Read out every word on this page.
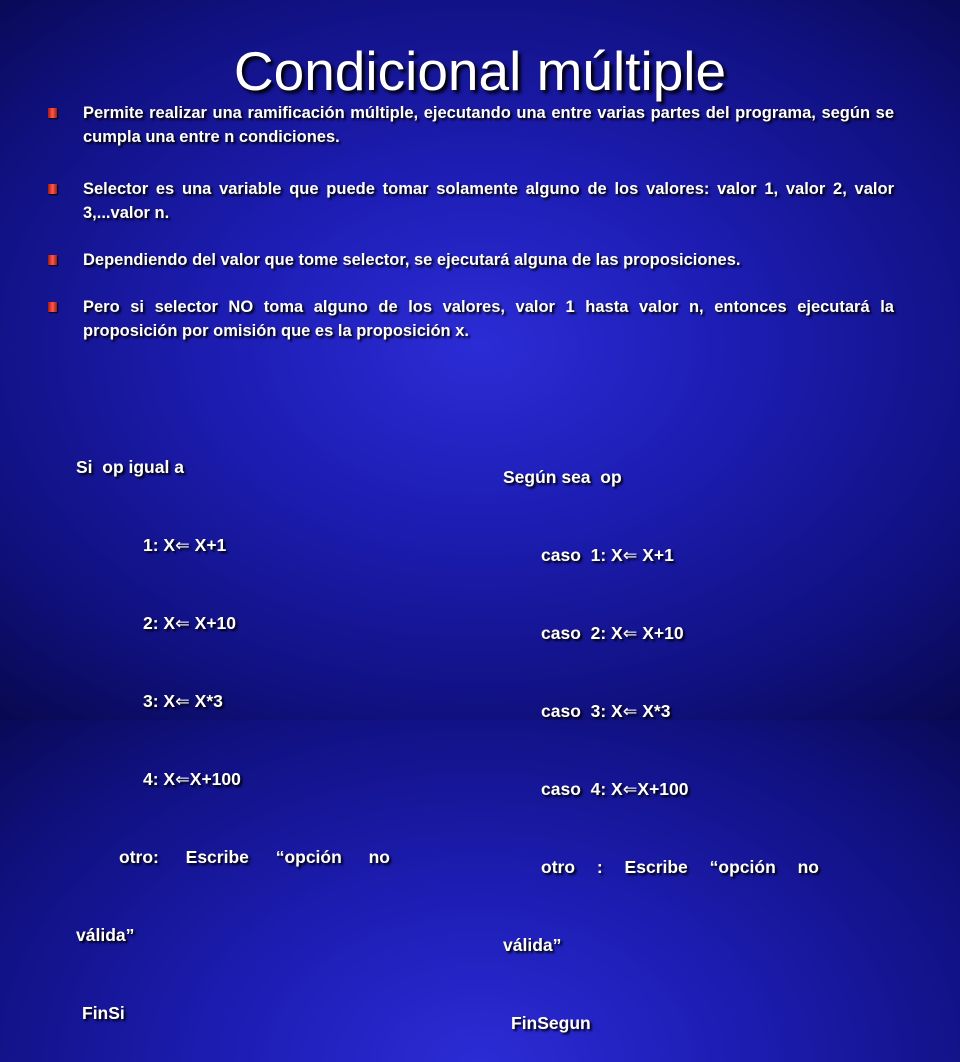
Condicional múltiple
Permite realizar una ramificación múltiple, ejecutando una entre varias partes del programa, según se cumpla una entre n condiciones.
Selector es una variable que puede tomar solamente alguno de los valores: valor 1, valor 2, valor 3,...valor n.
Dependiendo del valor que tome selector, se ejecutará alguna de las proposiciones.
Pero si selector NO toma alguno de los valores, valor 1 hasta valor n, entonces ejecutará la proposición por omisión que es la proposición x.

Si  op igual a

1: X⇐ X+1

2: X⇐ X+10

3: X⇐ X*3

4: X⇐X+100

otro: Escribe “opción no

válida”

FinSi

Según sea  op

caso  1: X⇐ X+1

caso  2: X⇐ X+10

caso  3: X⇐ X*3

caso  4: X⇐X+100

otro : Escribe “opción no

válida”

FinSegun
